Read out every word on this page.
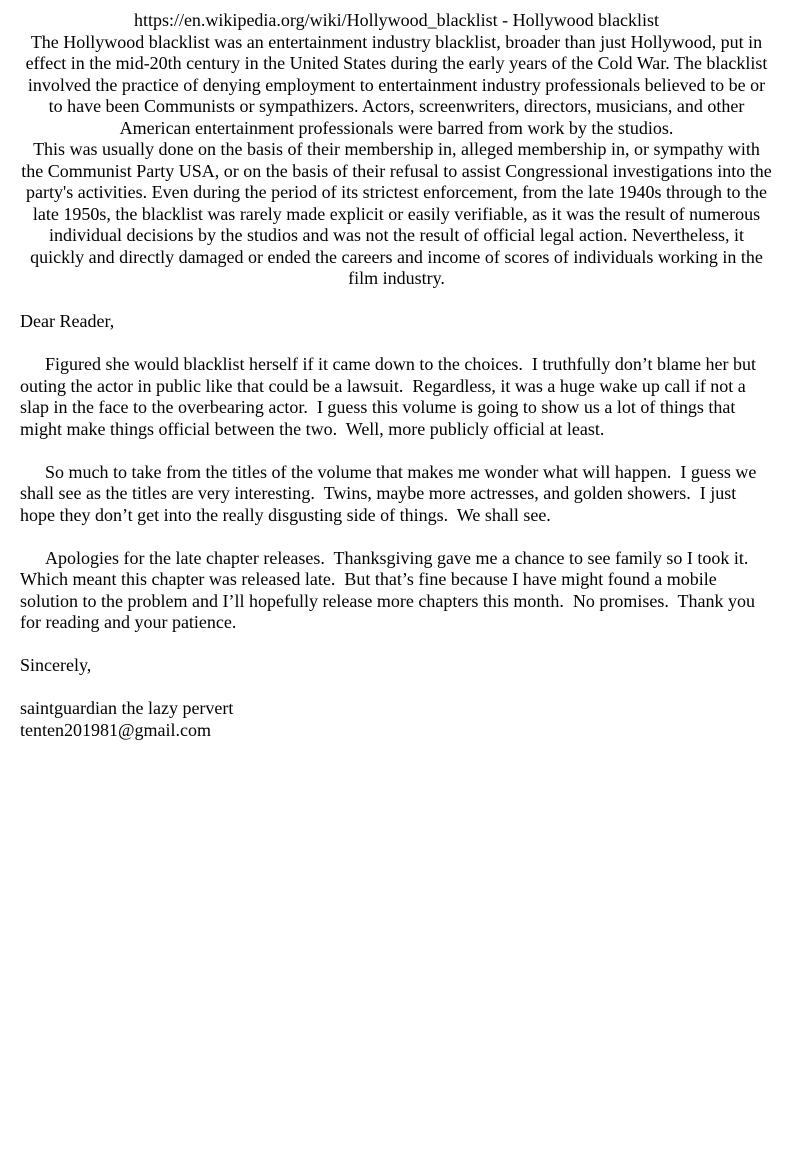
https://en.wikipedia.org/wiki/Hollywood_blacklist - Hollywood blacklist

The Hollywood blacklist was an entertainment industry blacklist, broader than just Hollywood, put in effect in the mid-20th century in the United States during the early years of the Cold War. The blacklist involved the practice of denying employment to entertainment industry professionals believed to be or to have been Communists or sympathizers. Actors, screenwriters, directors, musicians, and other American entertainment professionals were barred from work by the studios.

This was usually done on the basis of their membership in, alleged membership in, or sympathy with the Communist Party USA, or on the basis of their refusal to assist Congressional investigations into the party's activities. Even during the period of its strictest enforcement, from the late 1940s through to the late 1950s, the blacklist was rarely made explicit or easily verifiable, as it was the result of numerous individual decisions by the studios and was not the result of official legal action. Nevertheless, it quickly and directly damaged or ended the careers and income of scores of individuals working in the film industry.

Dear Reader,

Figured she would blacklist herself if it came down to the choices.  I truthfully don’t blame her but outing the actor in public like that could be a lawsuit.  Regardless, it was a huge wake up call if not a slap in the face to the overbearing actor.  I guess this volume is going to show us a lot of things that might make things official between the two.  Well, more publicly official at least.

So much to take from the titles of the volume that makes me wonder what will happen.  I guess we shall see as the titles are very interesting.  Twins, maybe more actresses, and golden showers.  I just hope they don’t get into the really disgusting side of things.  We shall see.

Apologies for the late chapter releases.  Thanksgiving gave me a chance to see family so I took it.  Which meant this chapter was released late.  But that’s fine because I have might found a mobile solution to the problem and I’ll hopefully release more chapters this month.  No promises.  Thank you for reading and your patience.

Sincerely,

saintguardian the lazy pervert

tenten201981@gmail.com
